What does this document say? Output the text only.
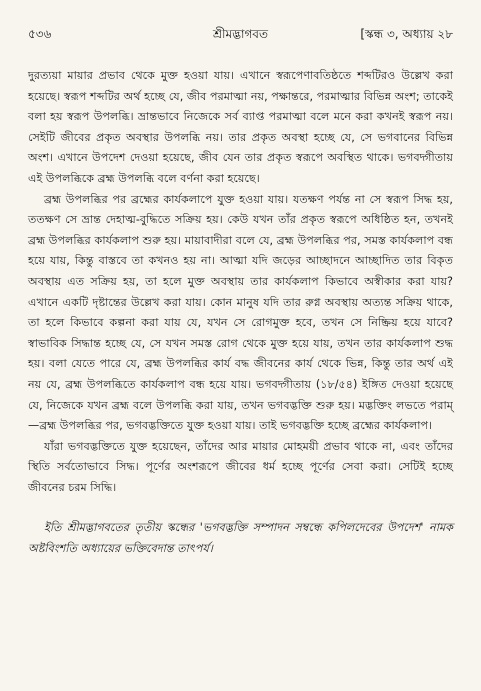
৫৩৬	শ্রীমদ্ভাগবত	[স্কন্ধ ৩, অধ্যায় ২৮

দুরত্যয়া মায়ার প্রভাব থেকে মুক্ত হওয়া যায়। এখানে স্বরূপেণাবতিষ্ঠতে শব্দটিরও উল্লেখ করা হয়েছে। স্বরূপ শব্দটির অর্থ হচ্ছে যে, জীব পরমাত্মা নয়, পক্ষান্তরে, পরমাত্মার বিভিন্ন অংশ; তাকেই বলা হয় স্বরূপ উপলব্ধি। ভ্রান্তভাবে নিজেকে সর্ব ব্যাপ্ত পরমাত্মা বলে মনে করা কখনই স্বরূপ নয়। সেইটি জীবের প্রকৃত অবস্থার উপলব্ধি নয়। তার প্রকৃত অবস্থা হচ্ছে যে, সে ভগবানের বিভিন্ন অংশ। এখানে উপদেশ দেওয়া হয়েছে, জীব যেন তার প্রকৃত স্বরূপে অবস্থিত থাকে। ভগবদ্গীতায় এই উপলব্ধিকে ব্রহ্ম উপলব্ধি বলে বর্ণনা করা হয়েছে।

ব্রহ্ম উপলব্ধির পর ব্রহ্মের কার্যকলাপে যুক্ত হওয়া যায়। যতক্ষণ পর্যন্ত না সে স্বরূপ সিদ্ধ হয়, ততক্ষণ সে ভ্রান্ত দেহাত্ম-বুদ্ধিতে সক্রিয় হয়। কেউ যখন তাঁর প্রকৃত স্বরূপে অধিষ্ঠিত হন, তখনই ব্রহ্ম উপলব্ধির কার্যকলাপ শুরু হয়। মায়াবাদীরা বলে যে, ব্রহ্ম উপলব্ধির পর, সমস্ত কার্যকলাপ বন্ধ হয়ে যায়, কিন্তু বাস্তবে তা কখনও হয় না। আত্মা যদি জড়ের আচ্ছাদনে আচ্ছাদিত তার বিকৃত অবস্থায় এত সক্রিয় হয়, তা হলে মুক্ত অবস্থায় তার কার্যকলাপ কিভাবে অস্বীকার করা যায়? এখানে একটি দৃষ্টান্তের উল্লেখ করা যায়। কোন মানুষ যদি তার রুগ্ন অবস্থায় অত্যন্ত সক্রিয় থাকে, তা হলে কিভাবে কল্পনা করা যায় যে, যখন সে রোগমুক্ত হবে, তখন সে নিষ্ক্রিয় হয়ে যাবে? স্বাভাবিক সিদ্ধান্ত হচ্ছে যে, সে যখন সমস্ত রোগ থেকে মুক্ত হয়ে যায়, তখন তার কার্যকলাপ শুদ্ধ হয়। বলা যেতে পারে যে, ব্রহ্ম উপলব্ধির কার্য বদ্ধ জীবনের কার্য থেকে ভিন্ন, কিন্তু তার অর্থ এই নয় যে, ব্রহ্ম উপলব্ধিতে কার্যকলাপ বন্ধ হয়ে যায়। ভগবদ্গীতায় (১৮/৫৪) ইঙ্গিত দেওয়া হয়েছে যে, নিজেকে যখন ব্রহ্ম বলে উপলব্ধি করা যায়, তখন ভগবদ্ভক্তি শুরু হয়। মদ্ভক্তিং লভতে পরাম্—ব্রহ্ম উপলব্ধির পর, ভগবদ্ভক্তিতে যুক্ত হওয়া যায়। তাই ভগবদ্ভক্তি হচ্ছে ব্রহ্মের কার্যকলাপ।

যাঁরা ভগবদ্ভক্তিতে যুক্ত হয়েছেন, তাঁদের আর মায়ার মোহময়ী প্রভাব থাকে না, এবং তাঁদের স্থিতি সর্বতোভাবে সিদ্ধ। পূর্ণের অংশরূপে জীবের ধর্ম হচ্ছে পূর্ণের সেবা করা। সেটিই হচ্ছে জীবনের চরম সিদ্ধি।

ইতি শ্রীমদ্ভাগবতের তৃতীয় স্কন্ধের 'ভগবদ্ভক্তি সম্পাদন সম্বন্ধে কপিলদেবের উপদেশ' নামক অষ্টবিংশতি অধ্যায়ের ভক্তিবেদান্ত তাৎপর্য।
